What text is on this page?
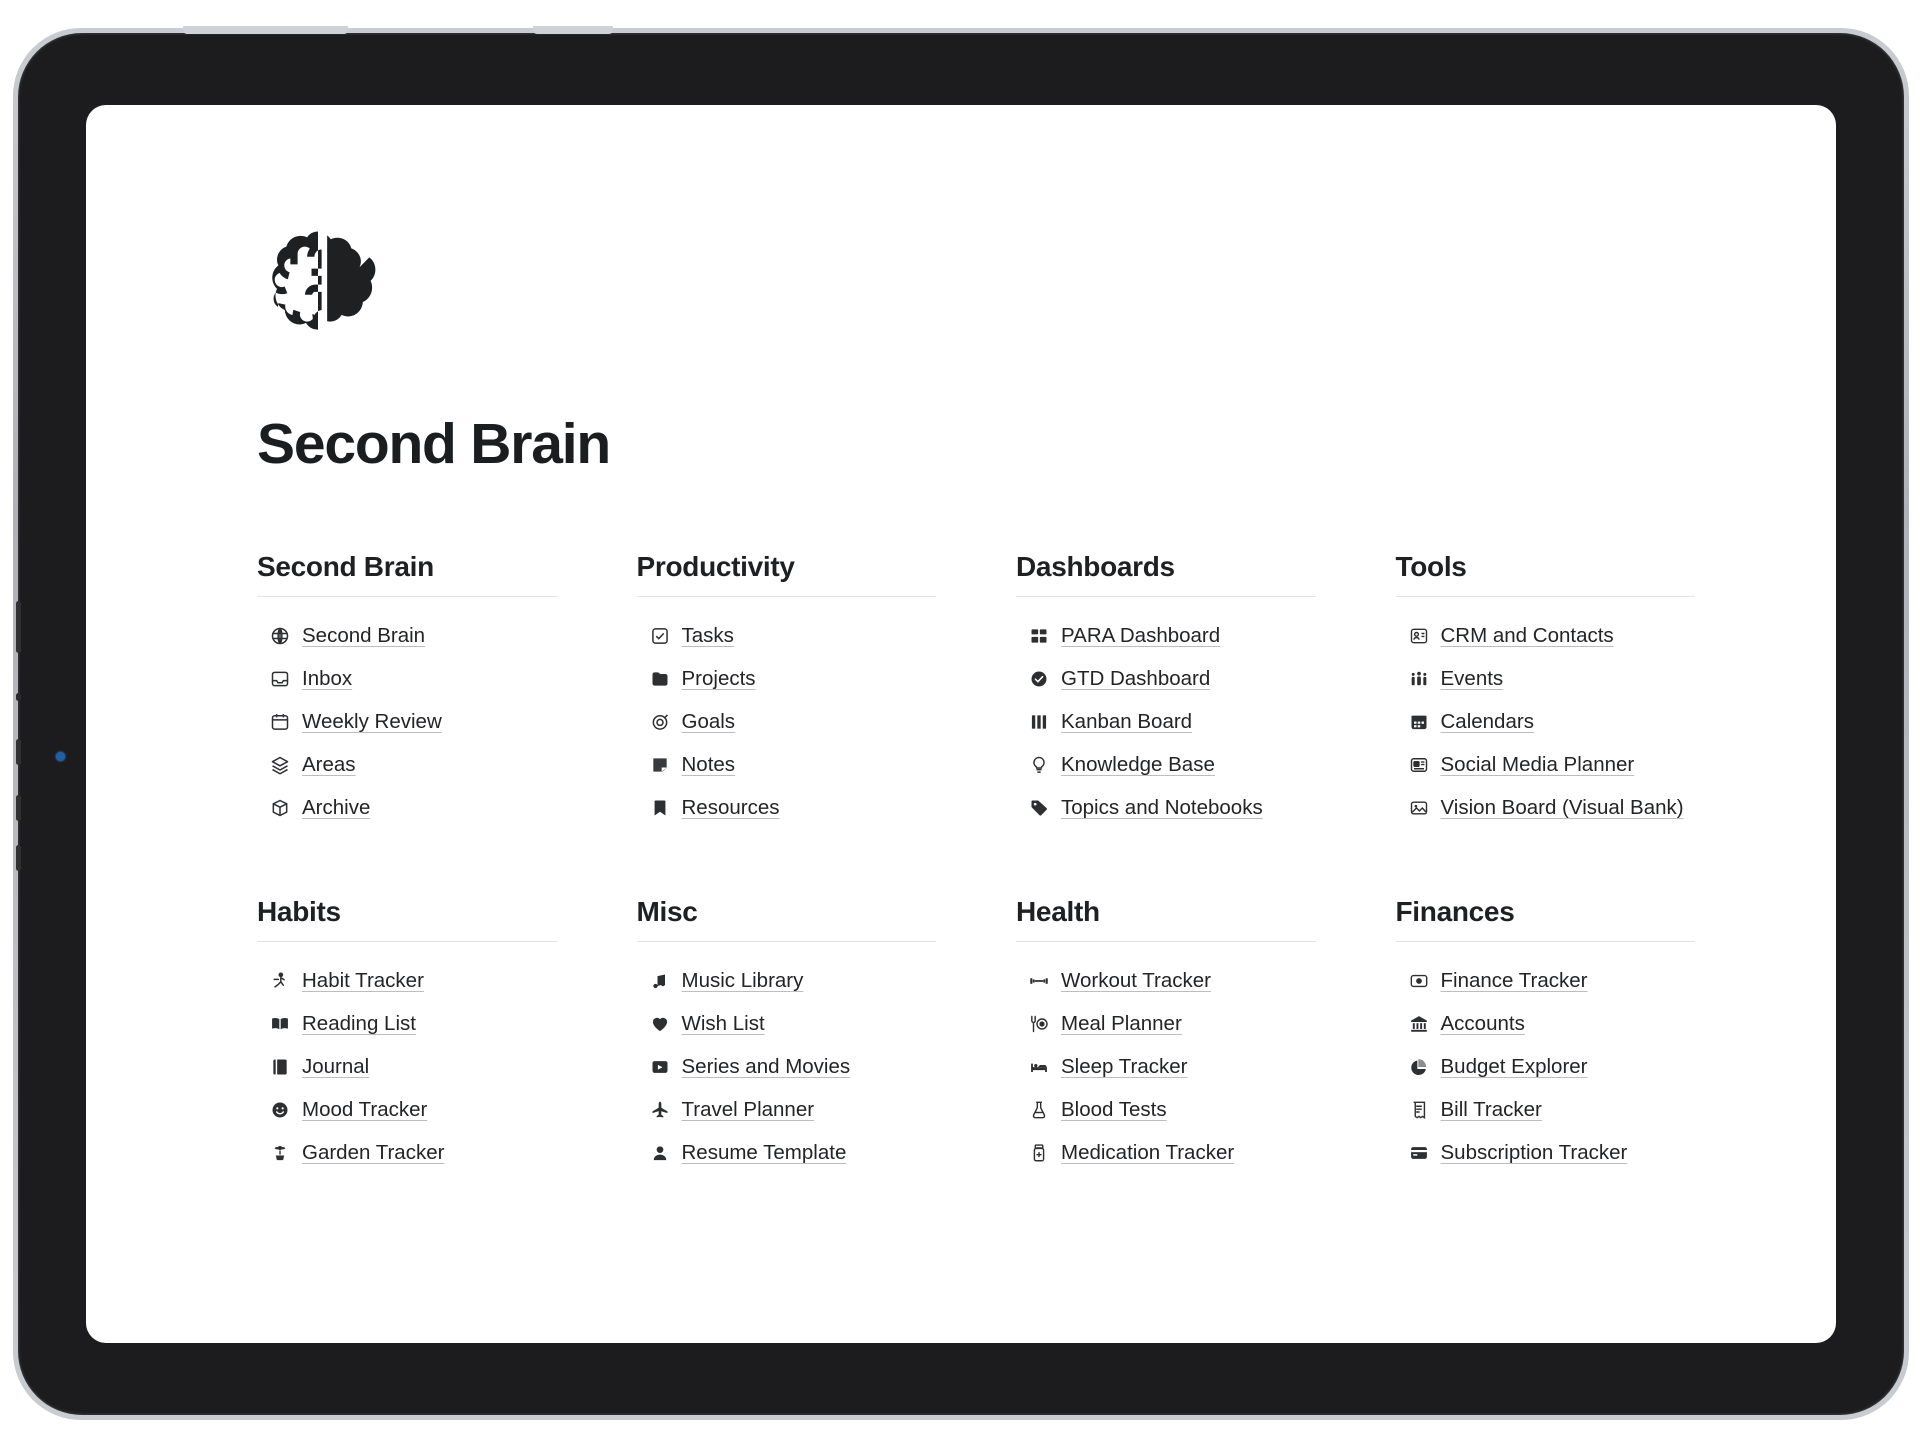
Second Brain
Second Brain
Second Brain
Inbox
Weekly Review
Areas
Archive
Productivity
Tasks
Projects
Goals
Notes
Resources
Dashboards
PARA Dashboard
GTD Dashboard
Kanban Board
Knowledge Base
Topics and Notebooks
Tools
CRM and Contacts
Events
Calendars
Social Media Planner
Vision Board (Visual Bank)
Habits
Habit Tracker
Reading List
Journal
Mood Tracker
Garden Tracker
Misc
Music Library
Wish List
Series and Movies
Travel Planner
Resume Template
Health
Workout Tracker
Meal Planner
Sleep Tracker
Blood Tests
Medication Tracker
Finances
Finance Tracker
Accounts
Budget Explorer
Bill Tracker
Subscription Tracker
